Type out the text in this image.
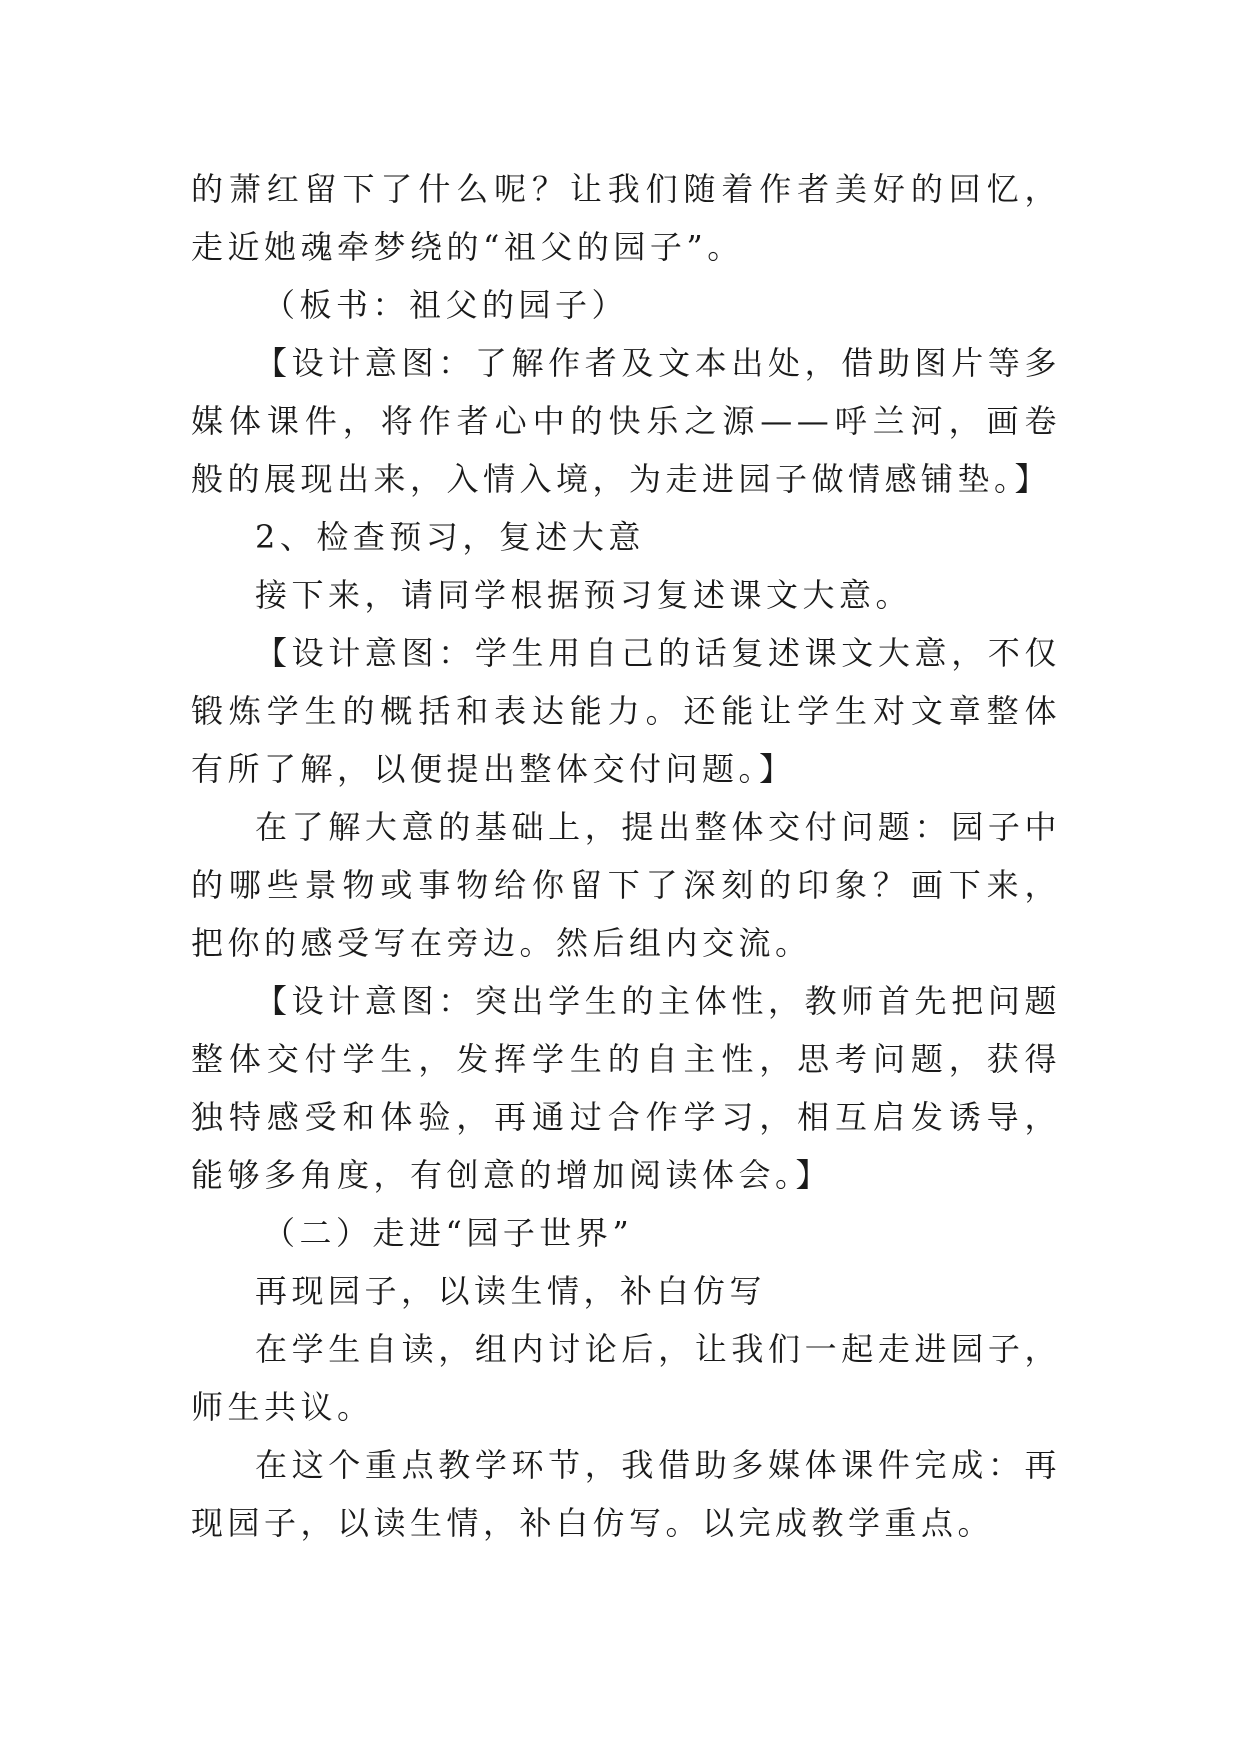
的萧红留下了什么呢？让我们随着作者美好的回忆，走近她魂牵梦绕的“祖父的园子”。

（板书：祖父的园子）

【设计意图：了解作者及文本出处，借助图片等多媒体课件，将作者心中的快乐之源——呼兰河，画卷般的展现出来，入情入境，为走进园子做情感铺垫。】

2、检查预习，复述大意

接下来，请同学根据预习复述课文大意。

【设计意图：学生用自己的话复述课文大意，不仅锻炼学生的概括和表达能力。还能让学生对文章整体有所了解，以便提出整体交付问题。】

在了解大意的基础上，提出整体交付问题：园子中的哪些景物或事物给你留下了深刻的印象？画下来，把你的感受写在旁边。然后组内交流。

【设计意图：突出学生的主体性，教师首先把问题整体交付学生，发挥学生的自主性，思考问题，获得独特感受和体验，再通过合作学习，相互启发诱导，能够多角度，有创意的增加阅读体会。】

（二）走进“园子世界”

再现园子，以读生情，补白仿写

在学生自读，组内讨论后，让我们一起走进园子，师生共议。

在这个重点教学环节，我借助多媒体课件完成：再现园子，以读生情，补白仿写。以完成教学重点。
